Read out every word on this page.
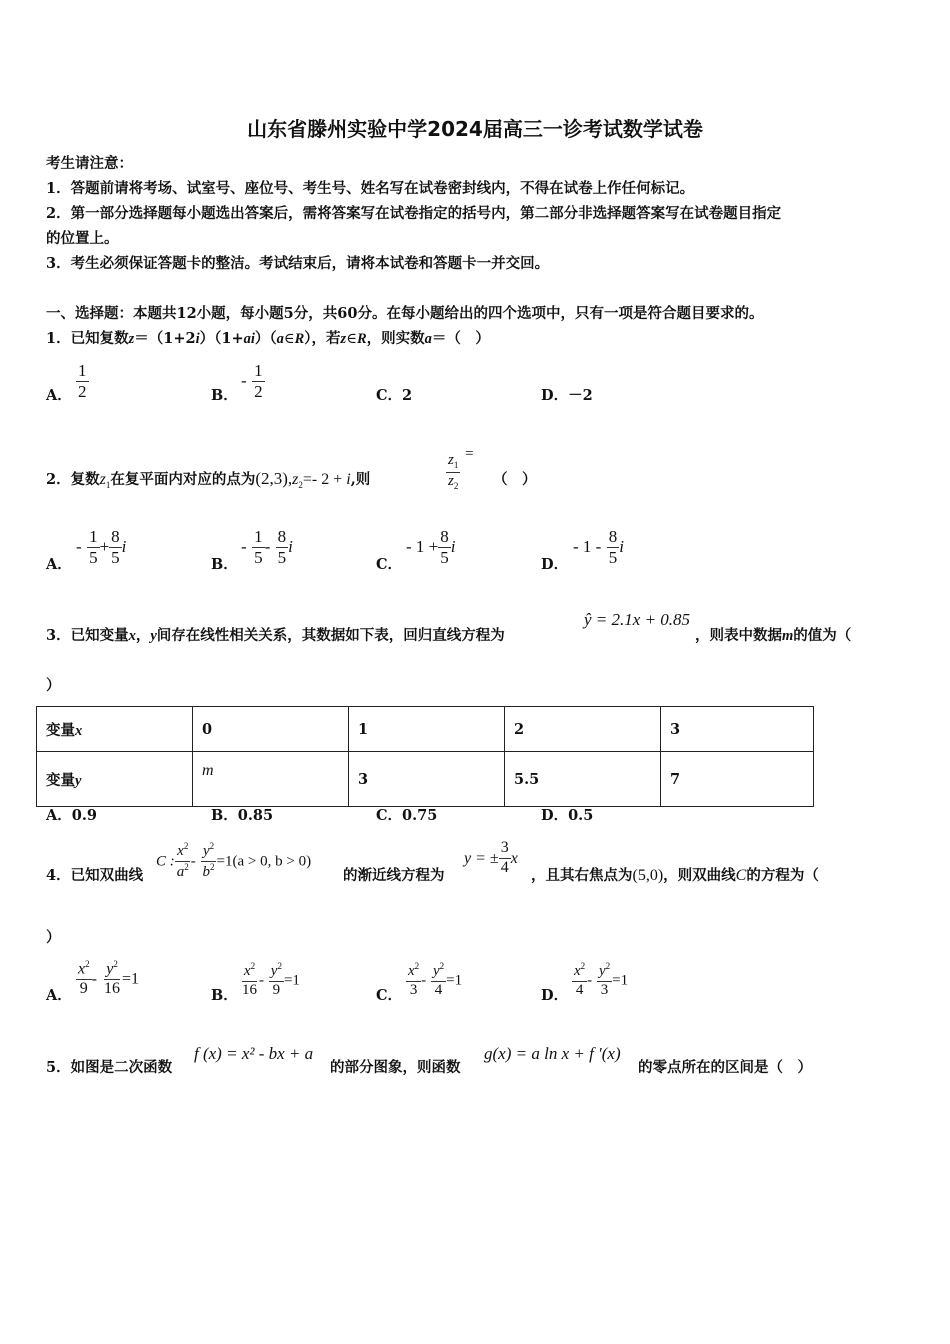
山东省滕州实验中学2024届高三一诊考试数学试卷
考生请注意：
1．答题前请将考场、试室号、座位号、考生号、姓名写在试卷密封线内，不得在试卷上作任何标记。
2．第一部分选择题每小题选出答案后，需将答案写在试卷指定的括号内，第二部分非选择题答案写在试卷题目指定
的位置上。
3．考生必须保证答题卡的整洁。考试结束后，请将本试卷和答题卡一并交回。
一、选择题：本题共12小题，每小题5分，共60分。在每小题给出的四个选项中，只有一项是符合题目要求的。
1．已知复数z＝（1+2i）（1+ai）（a∈R），若z∈R，则实数a＝（　）
A． $\frac{1}{2}$	B．
- $\frac{1}{2}$	C．2	D．－2
2．复数$z_1$在复平面内对应的点为$(2,3),z_2=-$ 2 + i,则	$\frac{z_1}{z_2}$ =
（　）
A．
- $\frac{1}{5} + \frac{8}{5}$ i
B．
- $\frac{1}{5} - \frac{8}{5}$ i
C．
- $1 + \frac{8}{5}$ i
D．
- $1 - \frac{8}{5}$ i
3．已知变量x，y间存在线性相关关系，其数据如下表，回归直线方程为
ŷ = 2.1x + 0.85
，则表中数据m的值为（
）
变量x	0	1	2	3
变量y	m	3	5.5	7
A．0.9	B．0.85	C．0.75	D．0.5
4．已知双曲线
C : $\frac{x^2}{a^2} - \frac{y^2}{b^2} =1(a > 0$, b > 0)
的渐近线方程为
y = ± $\frac{3}{4}$ x
，且其右焦点为(5,0)，则双曲线C的方程为（
）
A． $\frac{x^2}{9} - \frac{y^2}{16} =1$
B． $\frac{x^2}{16} - \frac{y^2}{9} =1$
C． $\frac{x^2}{3} - \frac{y^2}{4} =1$
D． $\frac{x^2}{4} - \frac{y^2}{3} =1$
5．如图是二次函数
f (x) = x² - bx + a
的部分图象，则函数
g(x) = a ln x + f ′(x)
的零点所在的区间是（　）
